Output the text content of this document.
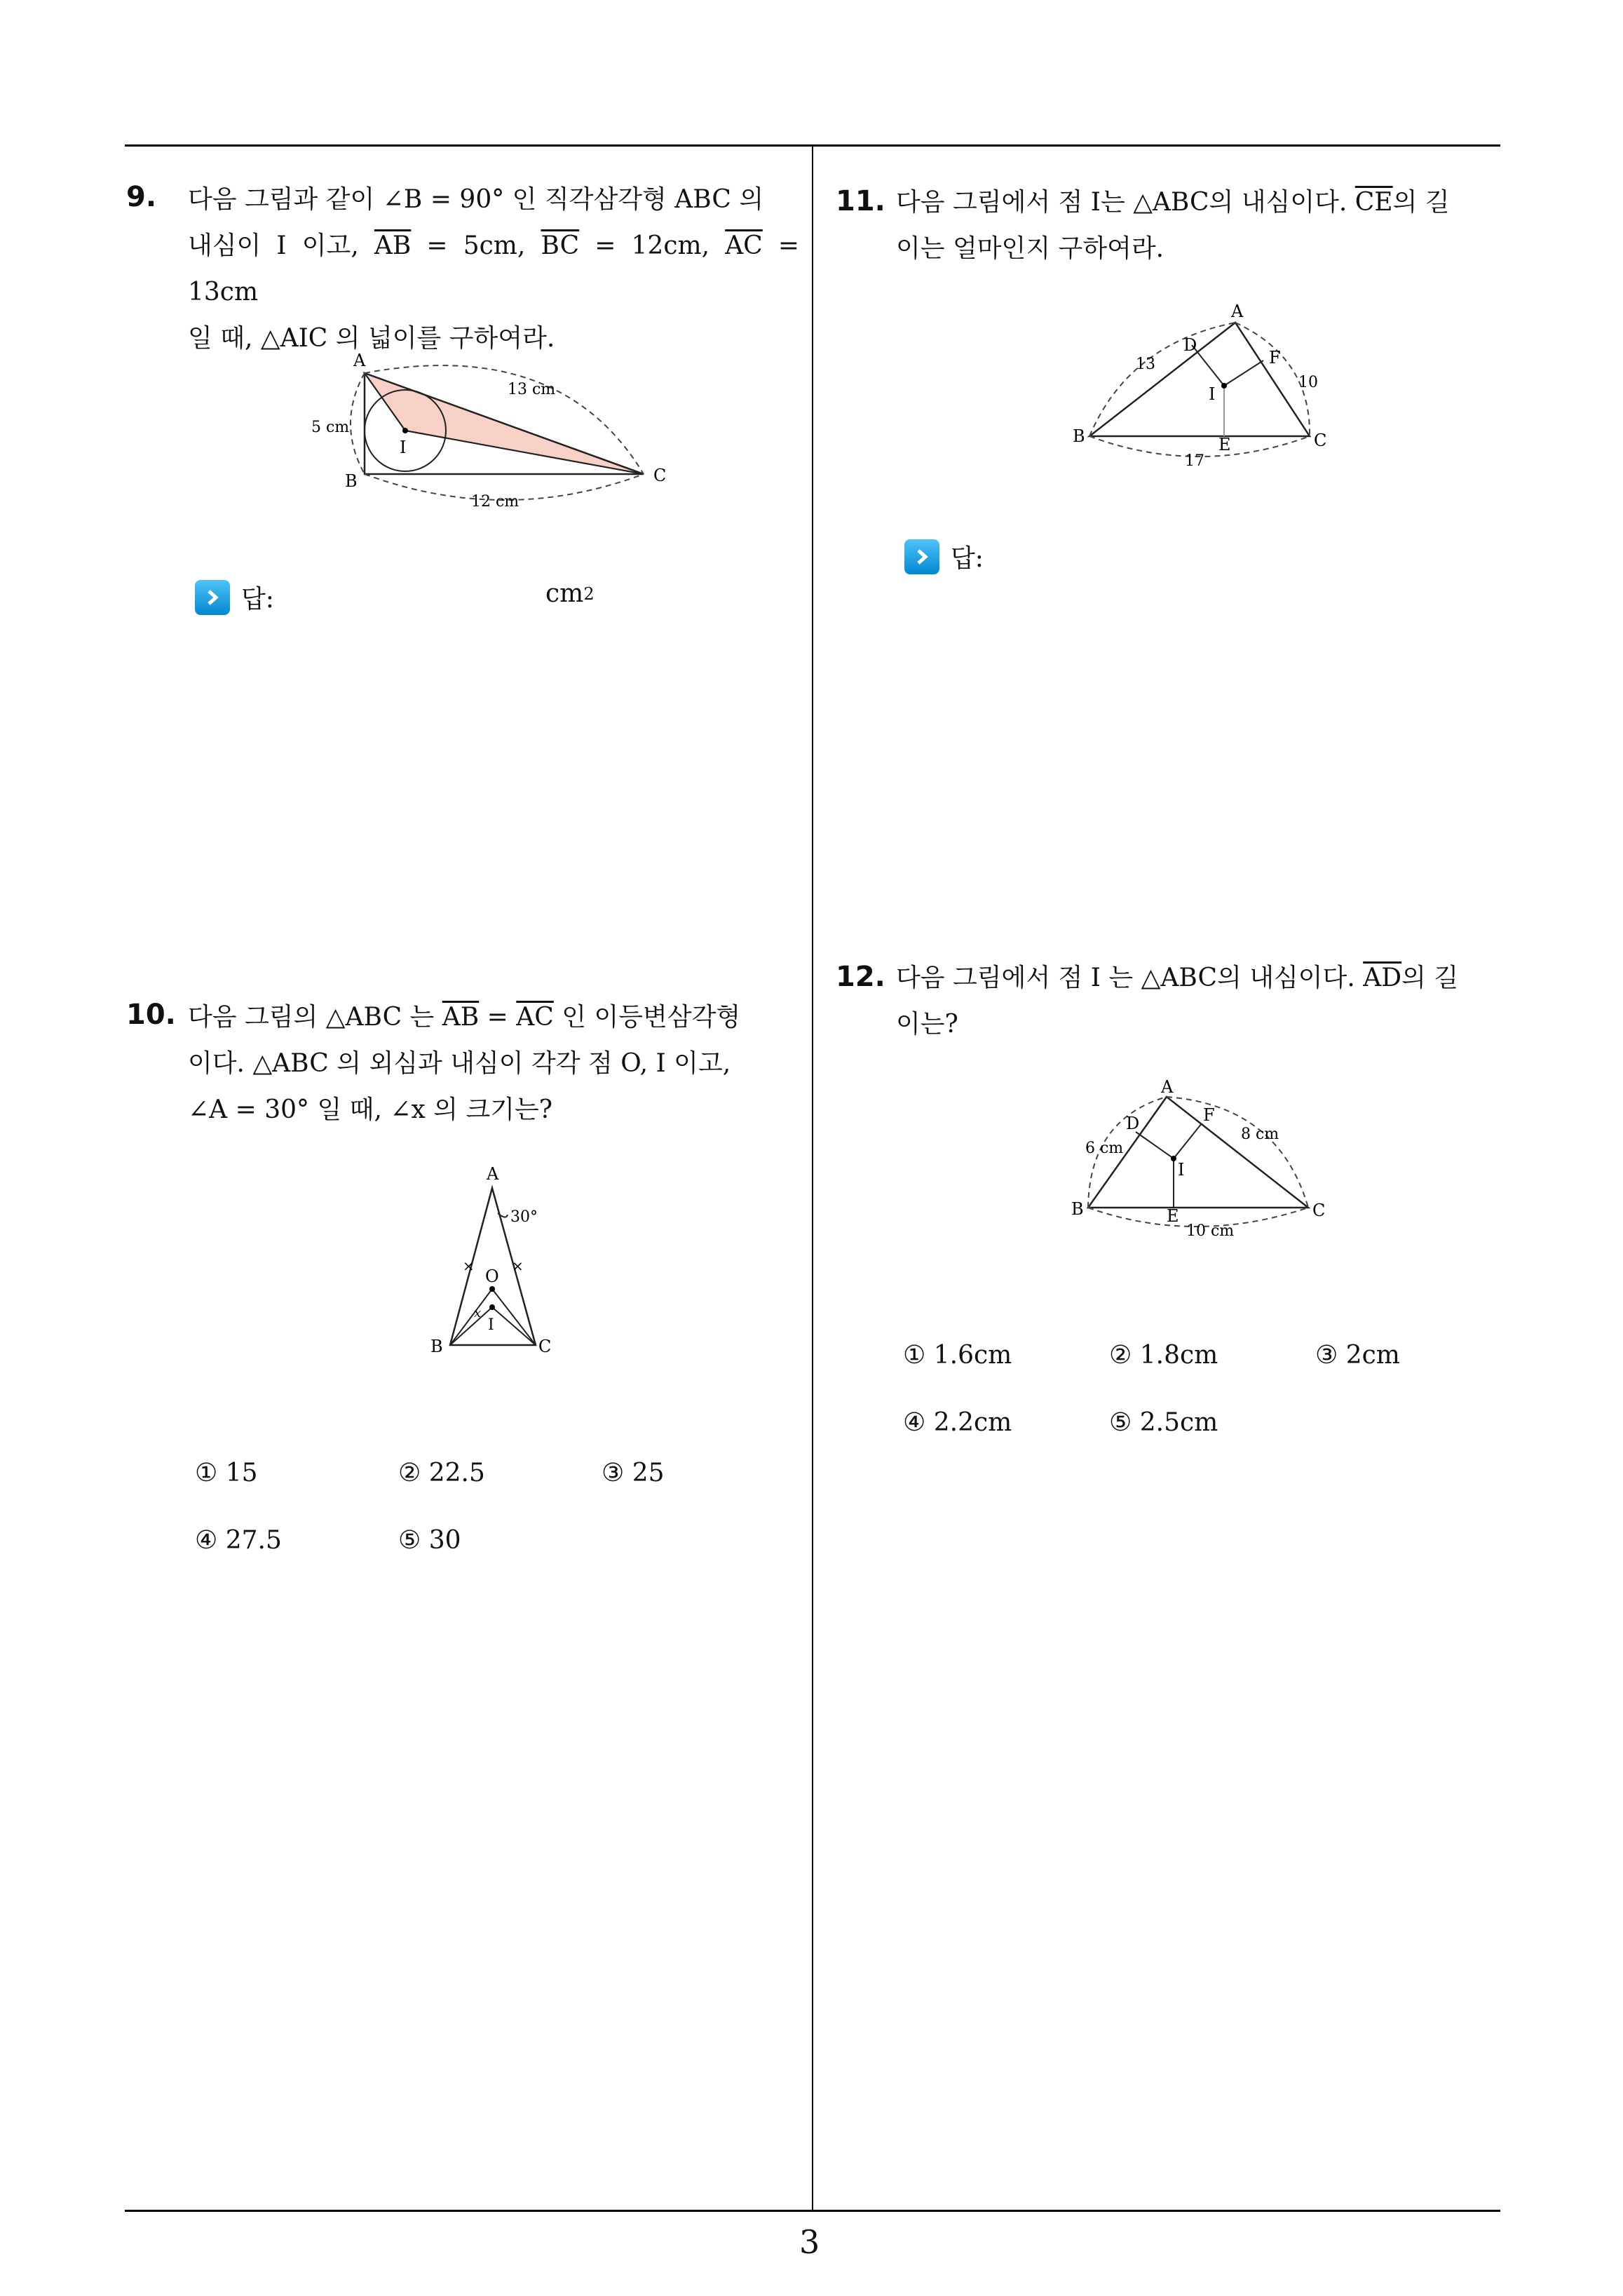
3
9. 다음 그림과 같이 ∠B = 90° 인 직각삼각형 ABC 의
내심이 I 이고, $\overline{AB} = 5cm$, $\overline{BC} = 12cm$, $\overline{AC} = 13cm$
일 때, △AIC 의 넓이를 구하여라.
A
B	C
I
5 cm
13 cm
12 cm
답:	cm 2
10. 다음 그림의 △ABC 는 $\overline{AB} = \overline{AC}$ 인 이등변삼각형
이다. △ABC 의 외심과 내심이 각각 점 O, I 이고,
∠A = 30° 일 때, ∠x 의 크기는?
×	×
A
B	C
O
I
x
30°
① 15	② 22.5	③ 25
④ 27.5	⑤ 30
11. 다음 그림에서 점 I는 △ABC의 내심이다. $\overline{CE}$의 길
이는 얼마인지 구하여라.
A
B	C
D
E
F
I
13
10
17
답:
12. 다음 그림에서 점 I 는 △ABC의 내심이다. $\overline{AD}$의 길
이는?
A
B	C
D
E
F
I
6 cm
8 cm
10 cm
① 1.6cm	② 1.8cm	③ 2cm
④ 2.2cm	⑤ 2.5cm
